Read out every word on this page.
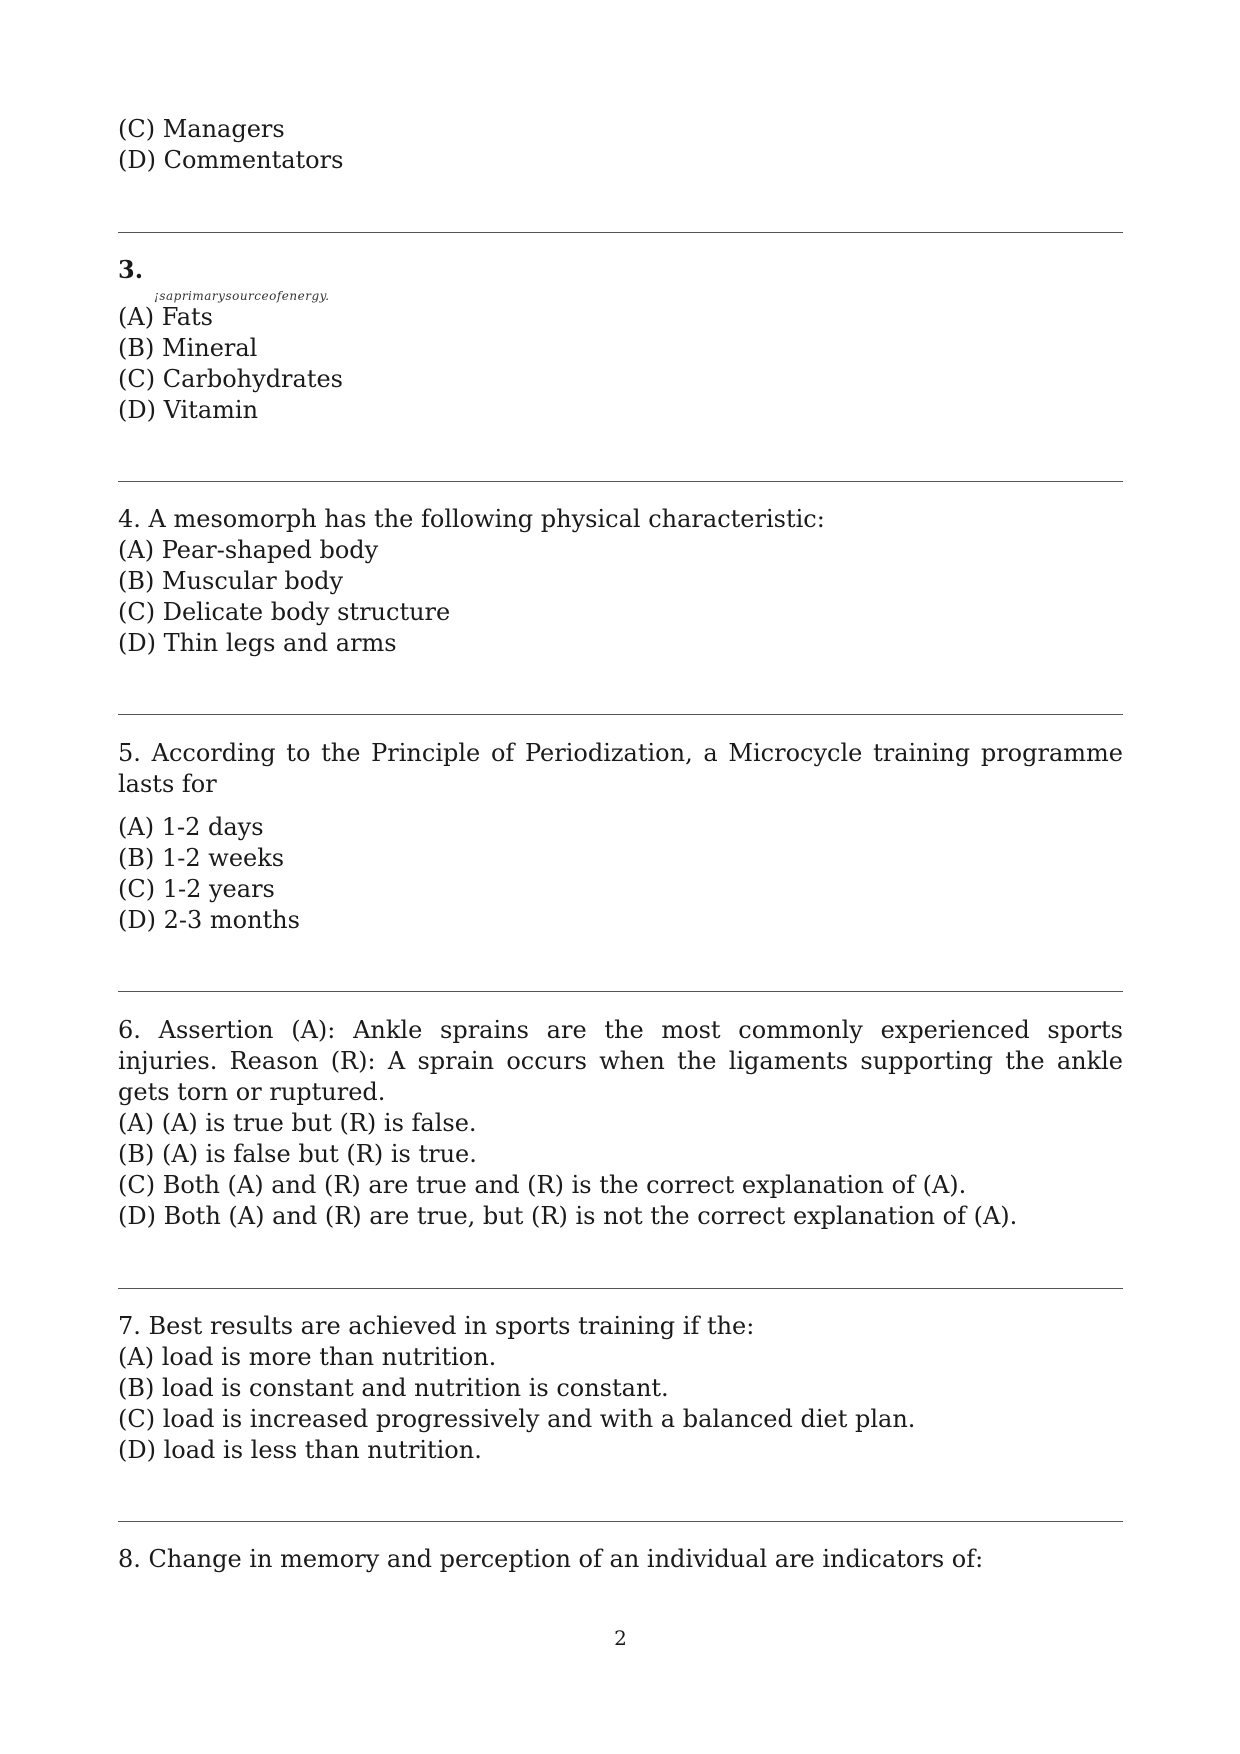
(C) Managers
(D) Commentators
3.
¡saprimarysourceofenergy.
(A) Fats
(B) Mineral
(C) Carbohydrates
(D) Vitamin
4. A mesomorph has the following physical characteristic:
(A) Pear-shaped body
(B) Muscular body
(C) Delicate body structure
(D) Thin legs and arms
5. According to the Principle of Periodization, a Microcycle training programme lasts for
(A) 1-2 days
(B) 1-2 weeks
(C) 1-2 years
(D) 2-3 months
6. Assertion (A): Ankle sprains are the most commonly experienced sports injuries. Reason (R): A sprain occurs when the ligaments supporting the ankle gets torn or ruptured.
(A) (A) is true but (R) is false.
(B) (A) is false but (R) is true.
(C) Both (A) and (R) are true and (R) is the correct explanation of (A).
(D) Both (A) and (R) are true, but (R) is not the correct explanation of (A).
7. Best results are achieved in sports training if the:
(A) load is more than nutrition.
(B) load is constant and nutrition is constant.
(C) load is increased progressively and with a balanced diet plan.
(D) load is less than nutrition.
8. Change in memory and perception of an individual are indicators of:
2
